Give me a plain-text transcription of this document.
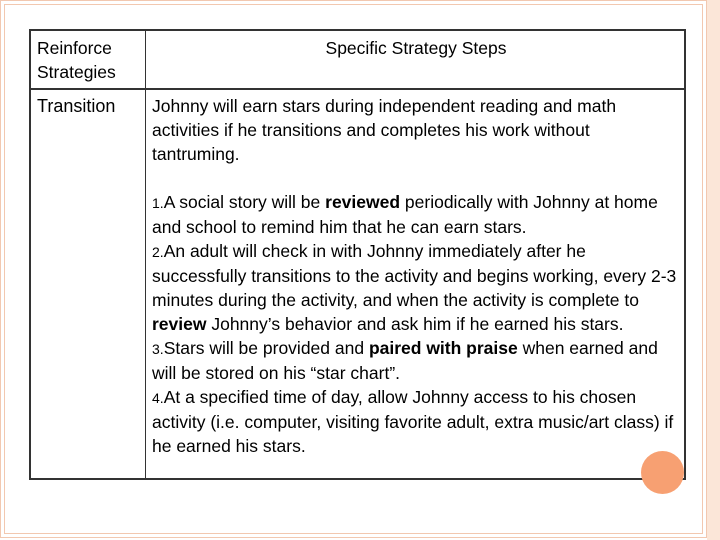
Reinforce
Strategies
Specific Strategy Steps
Transition Johnny will earn stars during independent reading and math activities if he transitions and completes his work without tantruming.
1.A social story will be reviewed periodically with Johnny at home and school to remind him that he can earn stars.
2.An adult will check in with Johnny immediately after he successfully transitions to the activity and begins working, every 2-3 minutes during the activity, and when the activity is complete to review Johnny’s behavior and ask him if he earned his stars.
3.Stars will be provided and paired with praise when earned and will be stored on his “star chart”.
4.At a specified time of day, allow Johnny access to his chosen activity (i.e. computer, visiting favorite adult, extra music/art class) if he earned his stars.
